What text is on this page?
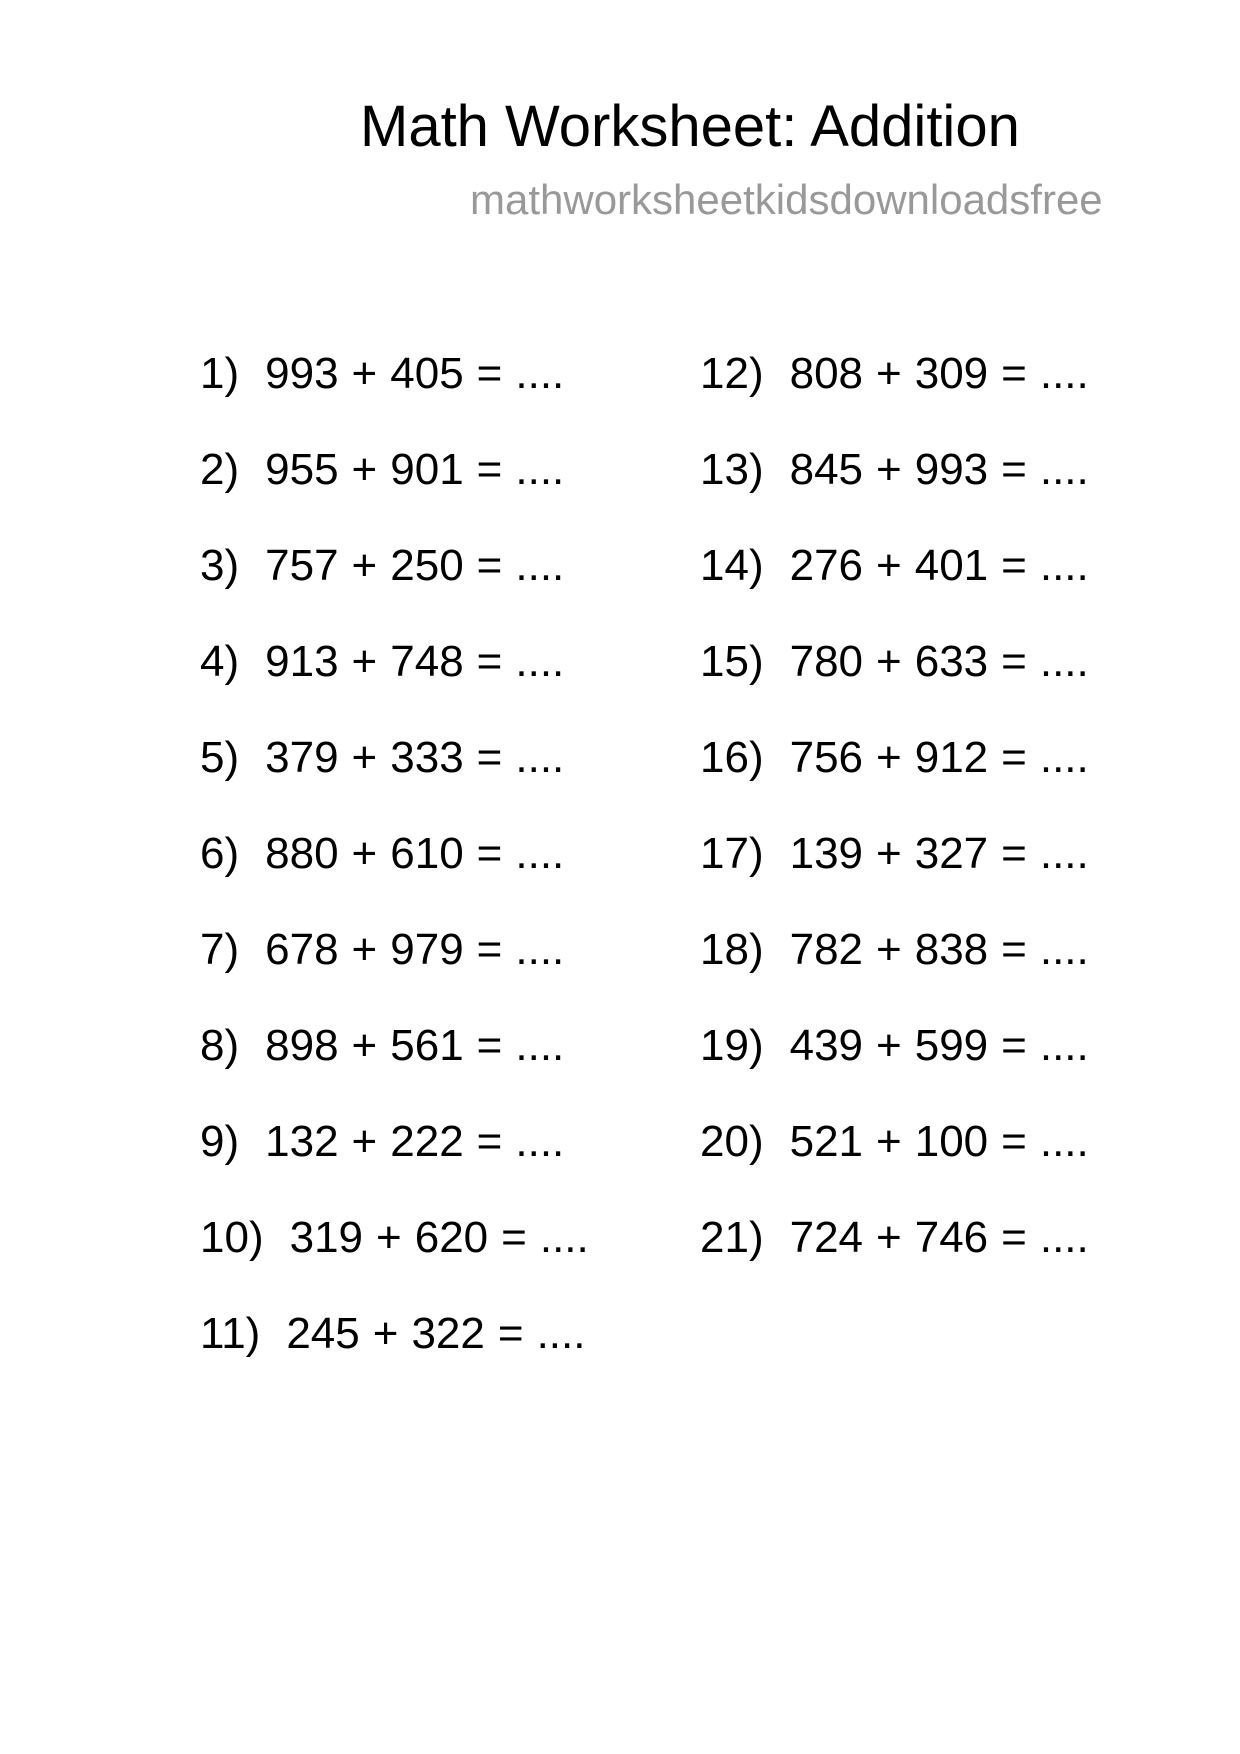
Math Worksheet: Addition
mathworksheetkidsdownloadsfree
1) 993 + 405 = ....
2) 955 + 901 = ....
3) 757 + 250 = ....
4) 913 + 748 = ....
5) 379 + 333 = ....
6) 880 + 610 = ....
7) 678 + 979 = ....
8) 898 + 561 = ....
9) 132 + 222 = ....
10) 319 + 620 = ....
11) 245 + 322 = ....
12) 808 + 309 = ....
13) 845 + 993 = ....
14) 276 + 401 = ....
15) 780 + 633 = ....
16) 756 + 912 = ....
17) 139 + 327 = ....
18) 782 + 838 = ....
19) 439 + 599 = ....
20) 521 + 100 = ....
21) 724 + 746 = ....
